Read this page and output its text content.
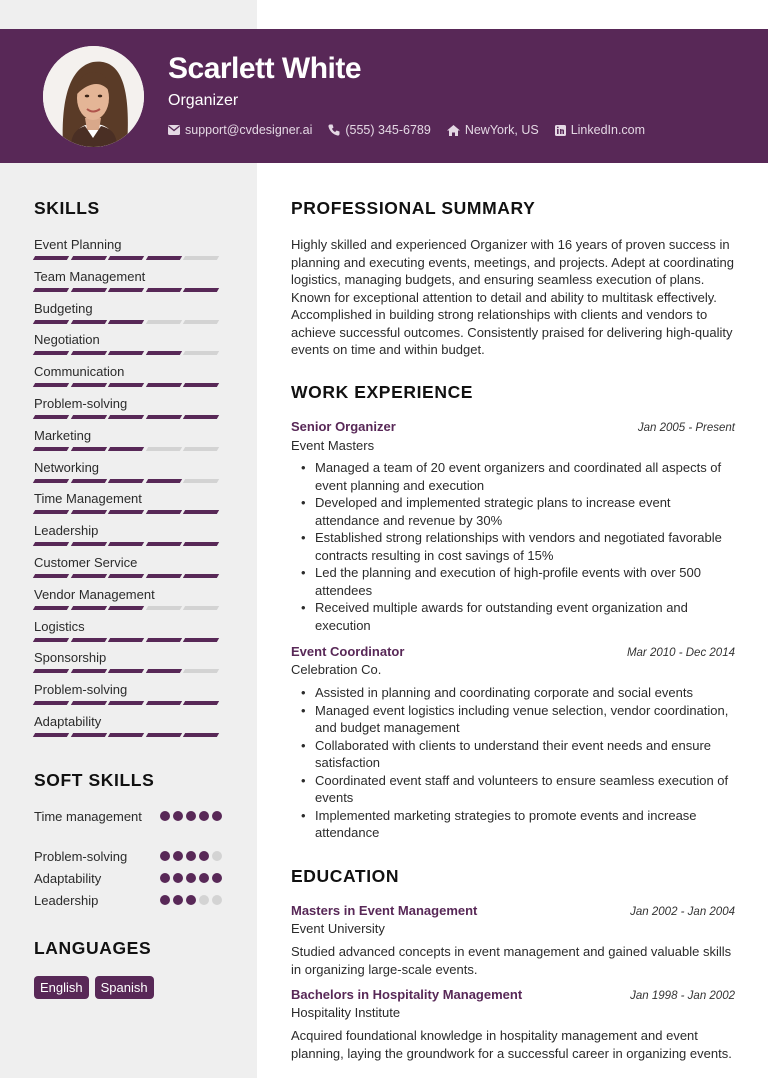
Scarlett White
Organizer
support@cvdesigner.ai	(555) 345-6789	NewYork, US	LinkedIn.com
SKILLS
Event Planning
Team Management
Budgeting
Negotiation
Communication
Problem-solving
Marketing
Networking
Time Management
Leadership
Customer Service
Vendor Management
Logistics
Sponsorship
Problem-solving
Adaptability
SOFT SKILLS
Time management
Problem-solving
Adaptability
Leadership
LANGUAGES
English	Spanish
PROFESSIONAL SUMMARY
Highly skilled and experienced Organizer with 16 years of proven success in planning and executing events, meetings, and projects. Adept at coordinating logistics, managing budgets, and ensuring seamless execution of plans. Known for exceptional attention to detail and ability to multitask effectively. Accomplished in building strong relationships with clients and vendors to achieve successful outcomes. Consistently praised for delivering high-quality events on time and within budget.
WORK EXPERIENCE
Senior Organizer	Jan 2005 - Present
Event Masters
• Managed a team of 20 event organizers and coordinated all aspects of event planning and execution
• Developed and implemented strategic plans to increase event attendance and revenue by 30%
• Established strong relationships with vendors and negotiated favorable contracts resulting in cost savings of 15%
• Led the planning and execution of high-profile events with over 500 attendees
• Received multiple awards for outstanding event organization and execution
Event Coordinator	Mar 2010 - Dec 2014
Celebration Co.
• Assisted in planning and coordinating corporate and social events
• Managed event logistics including venue selection, vendor coordination, and budget management
• Collaborated with clients to understand their event needs and ensure satisfaction
• Coordinated event staff and volunteers to ensure seamless execution of events
• Implemented marketing strategies to promote events and increase attendance
EDUCATION
Masters in Event Management	Jan 2002 - Jan 2004
Event University
Studied advanced concepts in event management and gained valuable skills in organizing large-scale events.
Bachelors in Hospitality Management	Jan 1998 - Jan 2002
Hospitality Institute
Acquired foundational knowledge in hospitality management and event planning, laying the groundwork for a successful career in organizing events.
